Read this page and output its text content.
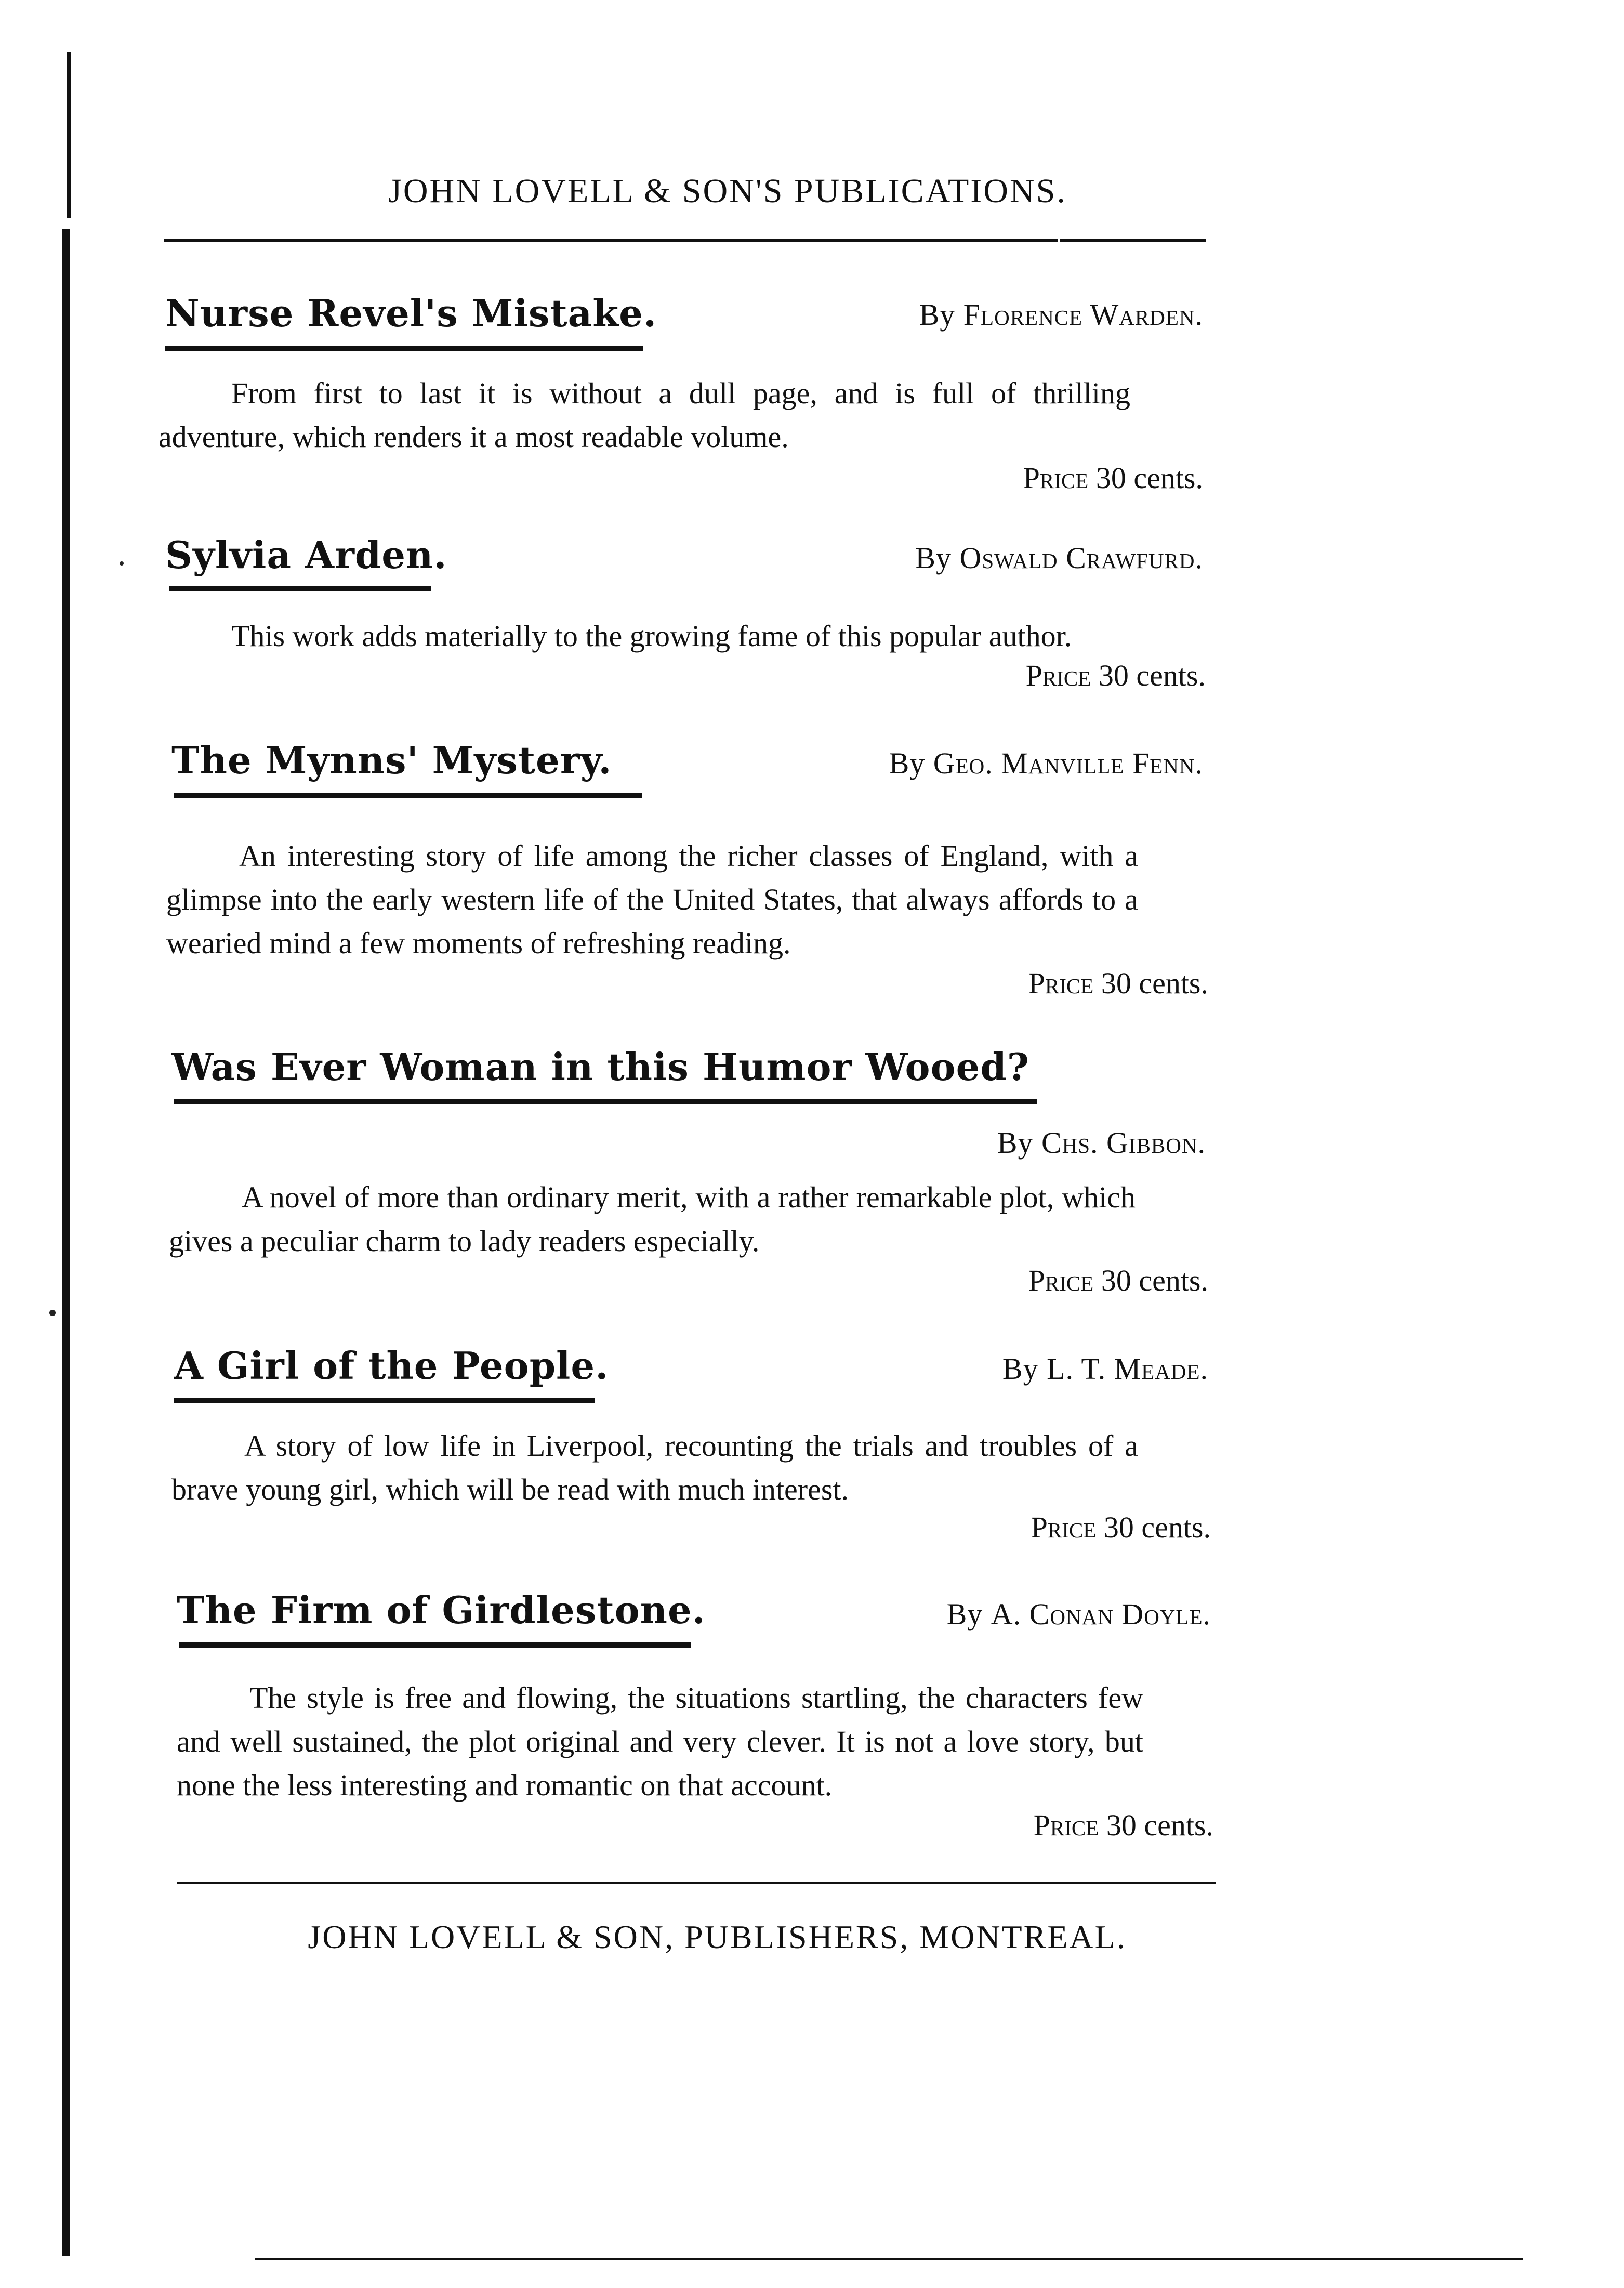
JOHN LOVELL & SON'S PUBLICATIONS.
Nurse Revel's Mistake.	By Florence Warden.
From first to last it is without a dull page, and is full of thrilling adventure, which renders it a most readable volume.
Price 30 cents.
Sylvia Arden.	By Oswald Crawfurd.
This work adds materially to the growing fame of this popular author.
Price 30 cents.
The Mynns' Mystery.	By Geo. Manville Fenn.
An interesting story of life among the richer classes of England, with a glimpse into the early western life of the United States, that always affords to a wearied mind a few moments of refreshing reading.
Price 30 cents.
Was Ever Woman in this Humor Wooed?
By Chs. Gibbon.
A novel of more than ordinary merit, with a rather remarkable plot, which gives a peculiar charm to lady readers especially.
Price 30 cents.
A Girl of the People.	By L. T. Meade.
A story of low life in Liverpool, recounting the trials and troubles of a brave young girl, which will be read with much interest.
Price 30 cents.
The Firm of Girdlestone.	By A. Conan Doyle.
The style is free and flowing, the situations startling, the characters few and well sustained, the plot original and very clever. It is not a love story, but none the less interesting and romantic on that account.
Price 30 cents.
JOHN LOVELL & SON, PUBLISHERS, MONTREAL.
